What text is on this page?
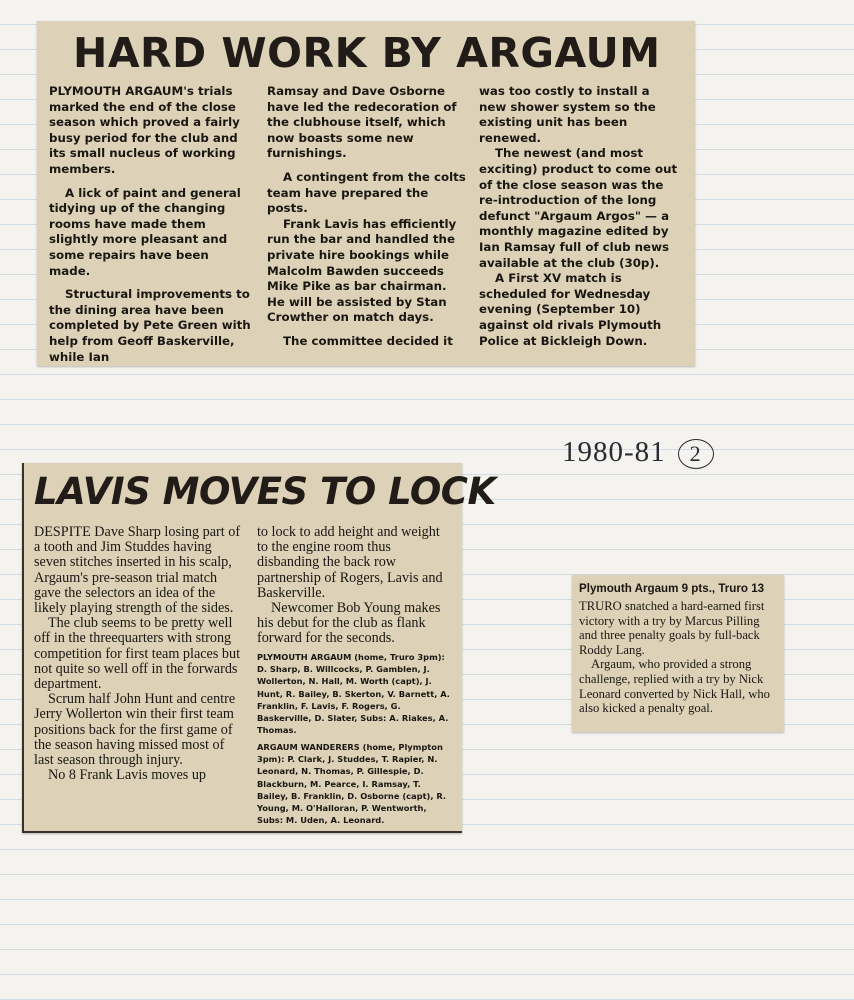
HARD WORK BY ARGAUM

PLYMOUTH ARGAUM's trials marked the end of the close season which proved a fairly busy period for the club and its small nucleus of working members.

A lick of paint and general tidying up of the changing rooms have made them slightly more pleasant and some repairs have been made.

Structural improvements to the dining area have been completed by Pete Green with help from Geoff Baskerville, while Ian

Ramsay and Dave Osborne have led the redecoration of the clubhouse itself, which now boasts some new furnishings.

A contingent from the colts team have prepared the posts.

Frank Lavis has efficiently run the bar and handled the private hire bookings while Malcolm Bawden succeeds Mike Pike as bar chairman. He will be assisted by Stan Crowther on match days.

The committee decided it

was too costly to install a new shower system so the existing unit has been renewed.

The newest (and most exciting) product to come out of the close season was the re-introduction of the long defunct "Argaum Argos" — a monthly magazine edited by Ian Ramsay full of club news available at the club (30p).

A First XV match is scheduled for Wednesday evening (September 10) against old rivals Plymouth Police at Bickleigh Down.

1980-81 2
LAVIS MOVES TO LOCK

DESPITE Dave Sharp losing part of a tooth and Jim Studdes having seven stitches inserted in his scalp, Argaum's pre-season trial match gave the selectors an idea of the likely playing strength of the sides.

The club seems to be pretty well off in the threequarters with strong competition for first team places but not quite so well off in the forwards department.

Scrum half John Hunt and centre Jerry Wollerton win their first team positions back for the first game of the season having missed most of last season through injury.

No 8 Frank Lavis moves up

to lock to add height and weight to the engine room thus disbanding the back row partnership of Rogers, Lavis and Baskerville.

Newcomer Bob Young makes his debut for the club as flank forward for the seconds.

PLYMOUTH ARGAUM (home, Truro 3pm): D. Sharp, B. Willcocks, P. Gamblen, J. Wollerton, N. Hall, M. Worth (capt), J. Hunt, R. Bailey, B. Skerton, V. Barnett, A. Franklin, F. Lavis, F. Rogers, G. Baskerville, D. Slater, Subs: A. Riakes, A. Thomas.

ARGAUM WANDERERS (home, Plympton 3pm): P. Clark, J. Studdes, T. Rapier, N. Leonard, N. Thomas, P. Gillespie, D. Blackburn, M. Pearce, I. Ramsay, T. Bailey, B. Franklin, D. Osborne (capt), R. Young, M. O'Halloran, P. Wentworth, Subs: M. Uden, A. Leonard.

Plymouth Argaum 9 pts., Truro 13

TRURO snatched a hard-earned first victory with a try by Marcus Pilling and three penalty goals by full-back Roddy Lang.

Argaum, who provided a strong challenge, replied with a try by Nick Leonard converted by Nick Hall, who also kicked a penalty goal.
